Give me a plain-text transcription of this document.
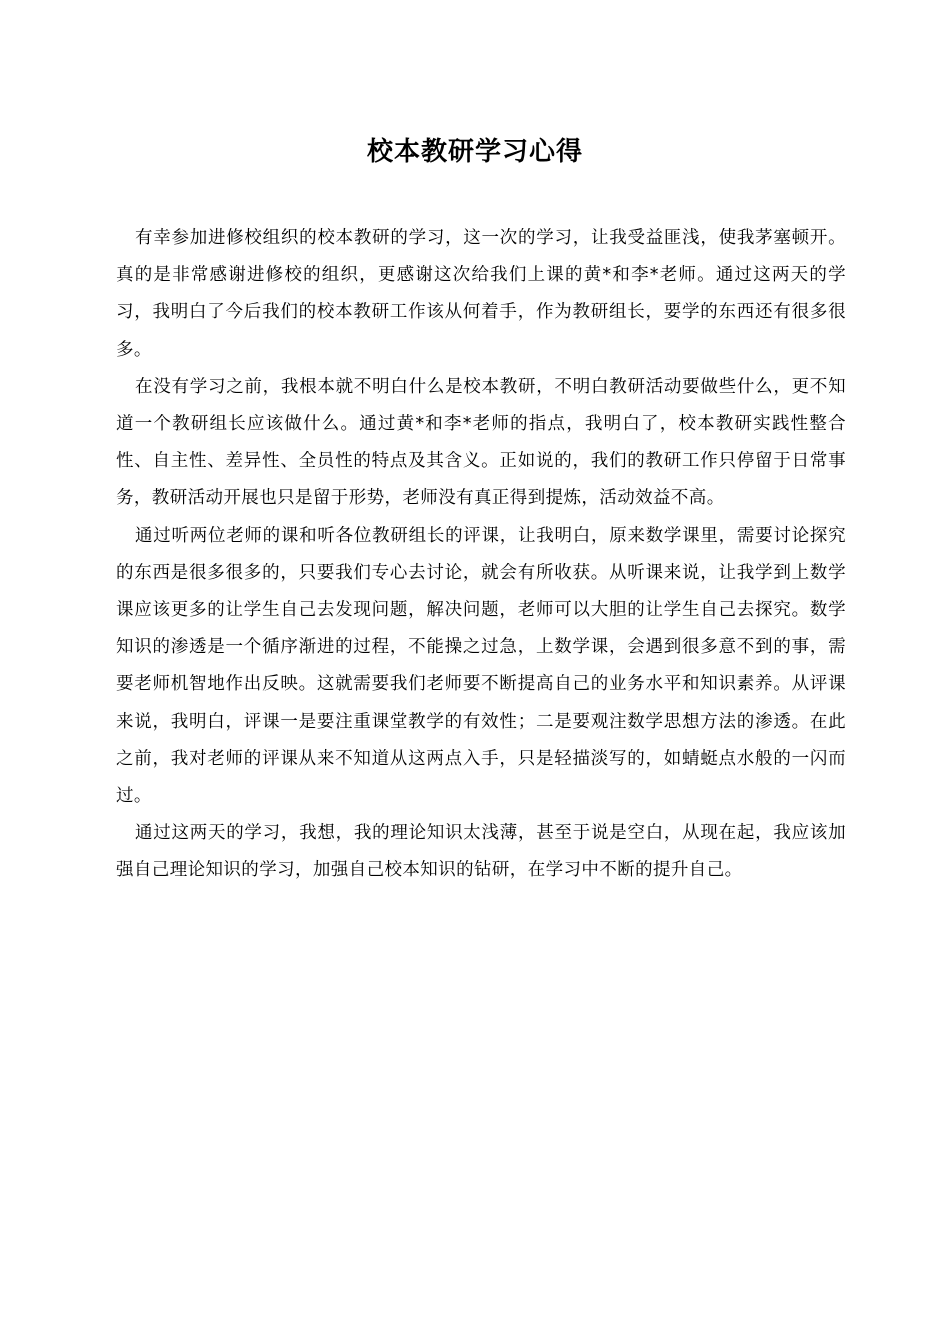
校本教研学习心得

有幸参加进修校组织的校本教研的学习，这一次的学习，让我受益匪浅，使我茅塞顿开。真的是非常感谢进修校的组织，更感谢这次给我们上课的黄*和李*老师。通过这两天的学习，我明白了今后我们的校本教研工作该从何着手，作为教研组长，要学的东西还有很多很多。

在没有学习之前，我根本就不明白什么是校本教研，不明白教研活动要做些什么，更不知道一个教研组长应该做什么。通过黄*和李*老师的指点，我明白了，校本教研实践性整合性、自主性、差异性、全员性的特点及其含义。正如说的，我们的教研工作只停留于日常事务，教研活动开展也只是留于形势，老师没有真正得到提炼，活动效益不高。

通过听两位老师的课和听各位教研组长的评课，让我明白，原来数学课里，需要讨论探究的东西是很多很多的，只要我们专心去讨论，就会有所收获。从听课来说，让我学到上数学课应该更多的让学生自己去发现问题，解决问题，老师可以大胆的让学生自己去探究。数学知识的渗透是一个循序渐进的过程，不能操之过急，上数学课，会遇到很多意不到的事，需要老师机智地作出反映。这就需要我们老师要不断提高自己的业务水平和知识素养。从评课来说，我明白，评课一是要注重课堂教学的有效性；二是要观注数学思想方法的渗透。在此之前，我对老师的评课从来不知道从这两点入手，只是轻描淡写的，如蜻蜓点水般的一闪而过。

通过这两天的学习，我想，我的理论知识太浅薄，甚至于说是空白，从现在起，我应该加强自己理论知识的学习，加强自己校本知识的钻研，在学习中不断的提升自己。
